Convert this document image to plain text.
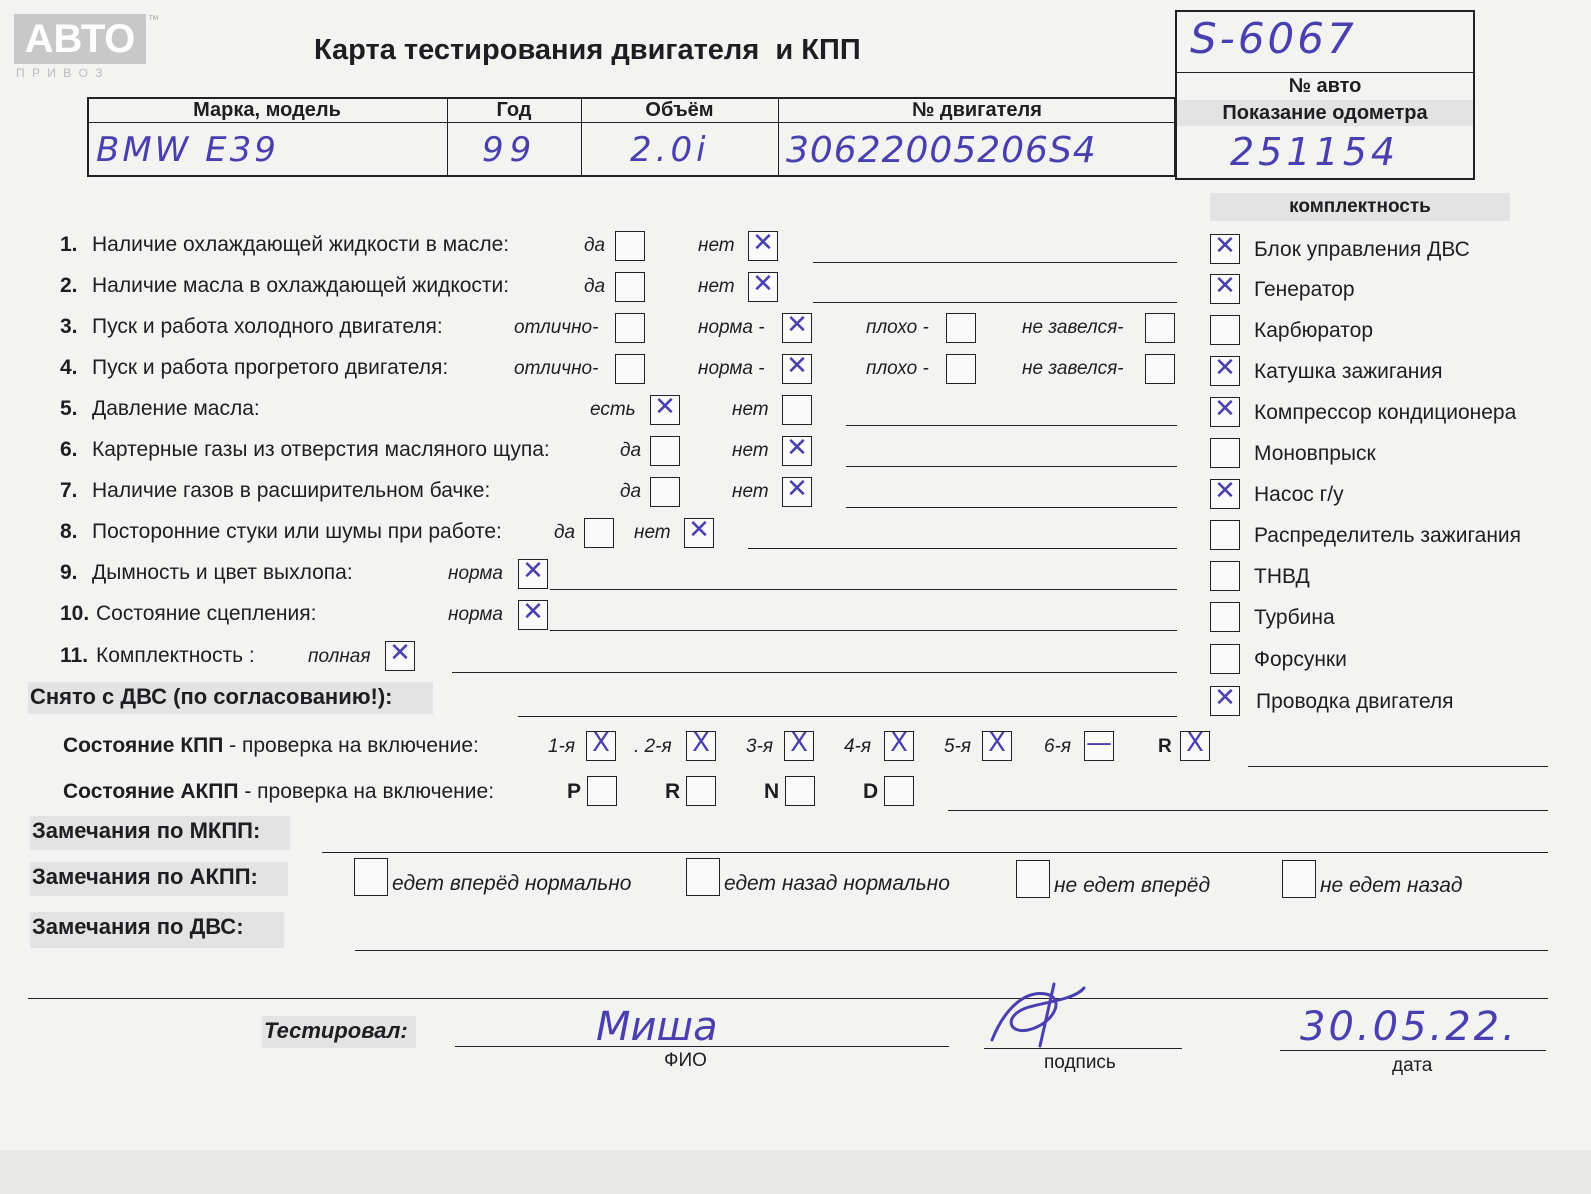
АВТО	™
П Р И В О З
Карта тестирования двигателя  и КПП	S-6067
№ авто
Показание одометра
251154
Марка, модель	Год	Объём	№ двигателя
BMW E39	99	2.0i 30622005206S4
1. Наличие охлаждающей жидкости в масле:	да	нет ✕
2. Наличие масла в охлаждающей жидкости:	да	нет ✕
3. Пуск и работа холодного двигателя:	отлично-	норма - ✕	плохо -	не завелся-
4. Пуск и работа прогретого двигателя:	отлично-	норма - ✕	плохо -	не завелся-
5. Давление масла:	есть ✕	нет
6. Картерные газы из отверстия масляного щупа:	да	нет ✕
7. Наличие газов в расширительном бачке:	да	нет ✕
8. Посторонние стуки или шумы при работе:	да	нет ✕
9. Дымность и цвет выхлопа:	норма ✕
10. Состояние сцепления:	норма ✕
11. Комплектность :	полная ✕
Снято с ДВС (по согласованию!):
комплектность
✕ Блок управления ДВС
✕ Генератор
Карбюратор
✕ Катушка зажигания
✕ Компрессор кондиционера
Моновпрыск
✕ Насос г/у
Распределитель зажигания
ТНВД
Турбина
Форсунки
✕ Проводка двигателя
Состояние КПП - проверка на включение:	1-я X . 2-я X 3-я X 4-я X 5-я X 6-я — R X
Состояние АКПП - проверка на включение:	P	R	N	D
Замечания по МКПП:
Замечания по АКПП:	едет вперёд нормально	едет назад нормально	не едет вперёд	не едет назад
Замечания по ДВС:
Тестировал:	Миша
ФИО	подпись
30.05.22.
дата
